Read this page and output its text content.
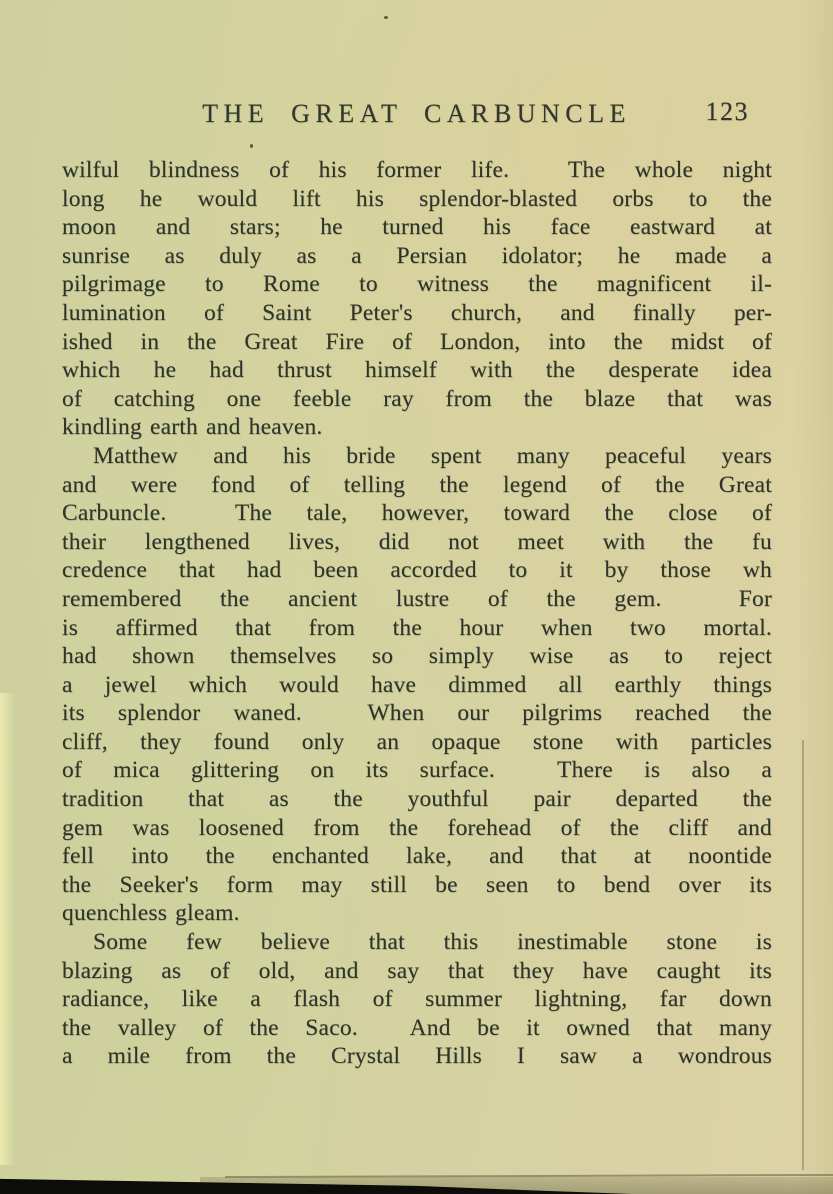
THE GREAT CARBUNCLE	123
wilful blindness of his former life.  The whole night
long he would lift his splendor-blasted orbs to the
moon and stars; he turned his face eastward at
sunrise as duly as a Persian idolator; he made a
pilgrimage to Rome to witness the magnificent il-
lumination of Saint Peter's church, and finally per-
ished in the Great Fire of London, into the midst of
which he had thrust himself with the desperate idea
of catching one feeble ray from the blaze that was
kindling earth and heaven.
Matthew and his bride spent many peaceful years
and were fond of telling the legend of the Great
Carbuncle.  The tale, however, toward the close of
their lengthened lives, did not meet with the fu
credence that had been accorded to it by those wh
remembered the ancient lustre of the gem.  For
is affirmed that from the hour when two mortal.
had shown themselves so simply wise as to reject
a jewel which would have dimmed all earthly things
its splendor waned.  When our pilgrims reached the
cliff, they found only an opaque stone with particles
of mica glittering on its surface.  There is also a
tradition that as the youthful pair departed the
gem was loosened from the forehead of the cliff and
fell into the enchanted lake, and that at noontide
the Seeker's form may still be seen to bend over its
quenchless gleam.
Some few believe that this inestimable stone is
blazing as of old, and say that they have caught its
radiance, like a flash of summer lightning, far down
the valley of the Saco.  And be it owned that many
a mile from the Crystal Hills I saw a wondrous
